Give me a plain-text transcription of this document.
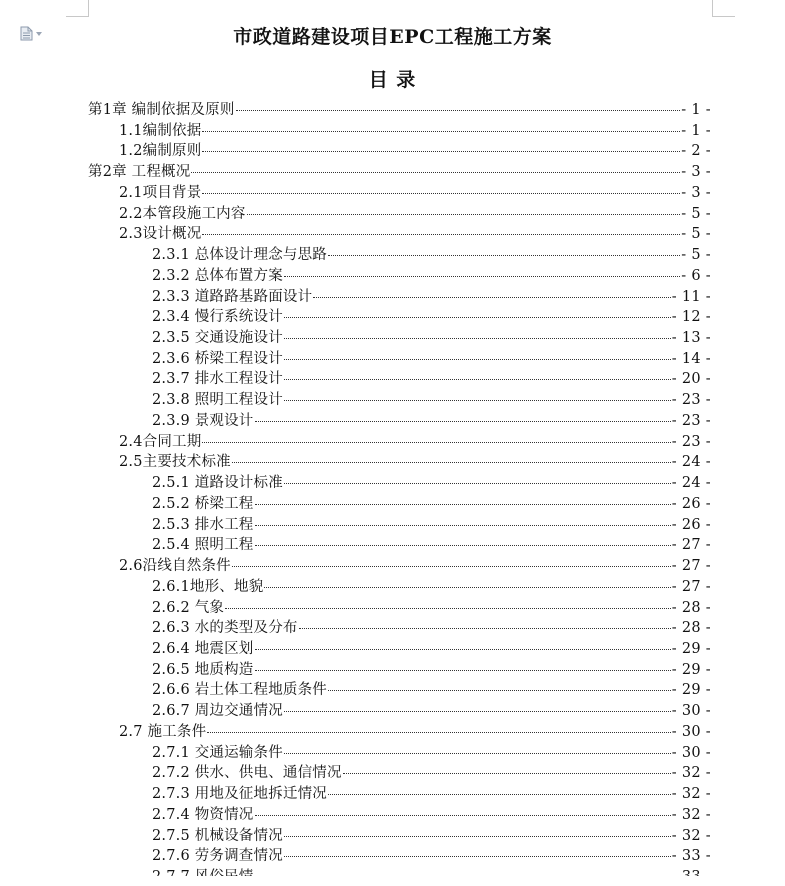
市政道路建设项目EPC工程施工方案
目 录
第1章 编制依据及原则	- 1 -
1.1编制依据	- 1 -
1.2编制原则	- 2 -
第2章 工程概况	- 3 -
2.1项目背景	- 3 -
2.2本管段施工内容	- 5 -
2.3设计概况	- 5 -
2.3.1 总体设计理念与思路	- 5 -
2.3.2 总体布置方案	- 6 -
2.3.3 道路路基路面设计	- 11 -
2.3.4 慢行系统设计	- 12 -
2.3.5 交通设施设计	- 13 -
2.3.6 桥梁工程设计	- 14 -
2.3.7 排水工程设计	- 20 -
2.3.8 照明工程设计	- 23 -
2.3.9 景观设计	- 23 -
2.4合同工期	- 23 -
2.5主要技术标准	- 24 -
2.5.1 道路设计标准	- 24 -
2.5.2 桥梁工程	- 26 -
2.5.3 排水工程	- 26 -
2.5.4 照明工程	- 27 -
2.6沿线自然条件	- 27 -
2.6.1地形、地貌	- 27 -
2.6.2 气象	- 28 -
2.6.3 水的类型及分布	- 28 -
2.6.4 地震区划	- 29 -
2.6.5 地质构造	- 29 -
2.6.6 岩土体工程地质条件	- 29 -
2.6.7 周边交通情况	- 30 -
2.7 施工条件	- 30 -
2.7.1 交通运输条件	- 30 -
2.7.2 供水、供电、通信情况	- 32 -
2.7.3 用地及征地拆迁情况	- 32 -
2.7.4 物资情况	- 32 -
2.7.5 机械设备情况	- 32 -
2.7.6 劳务调查情况	- 33 -
